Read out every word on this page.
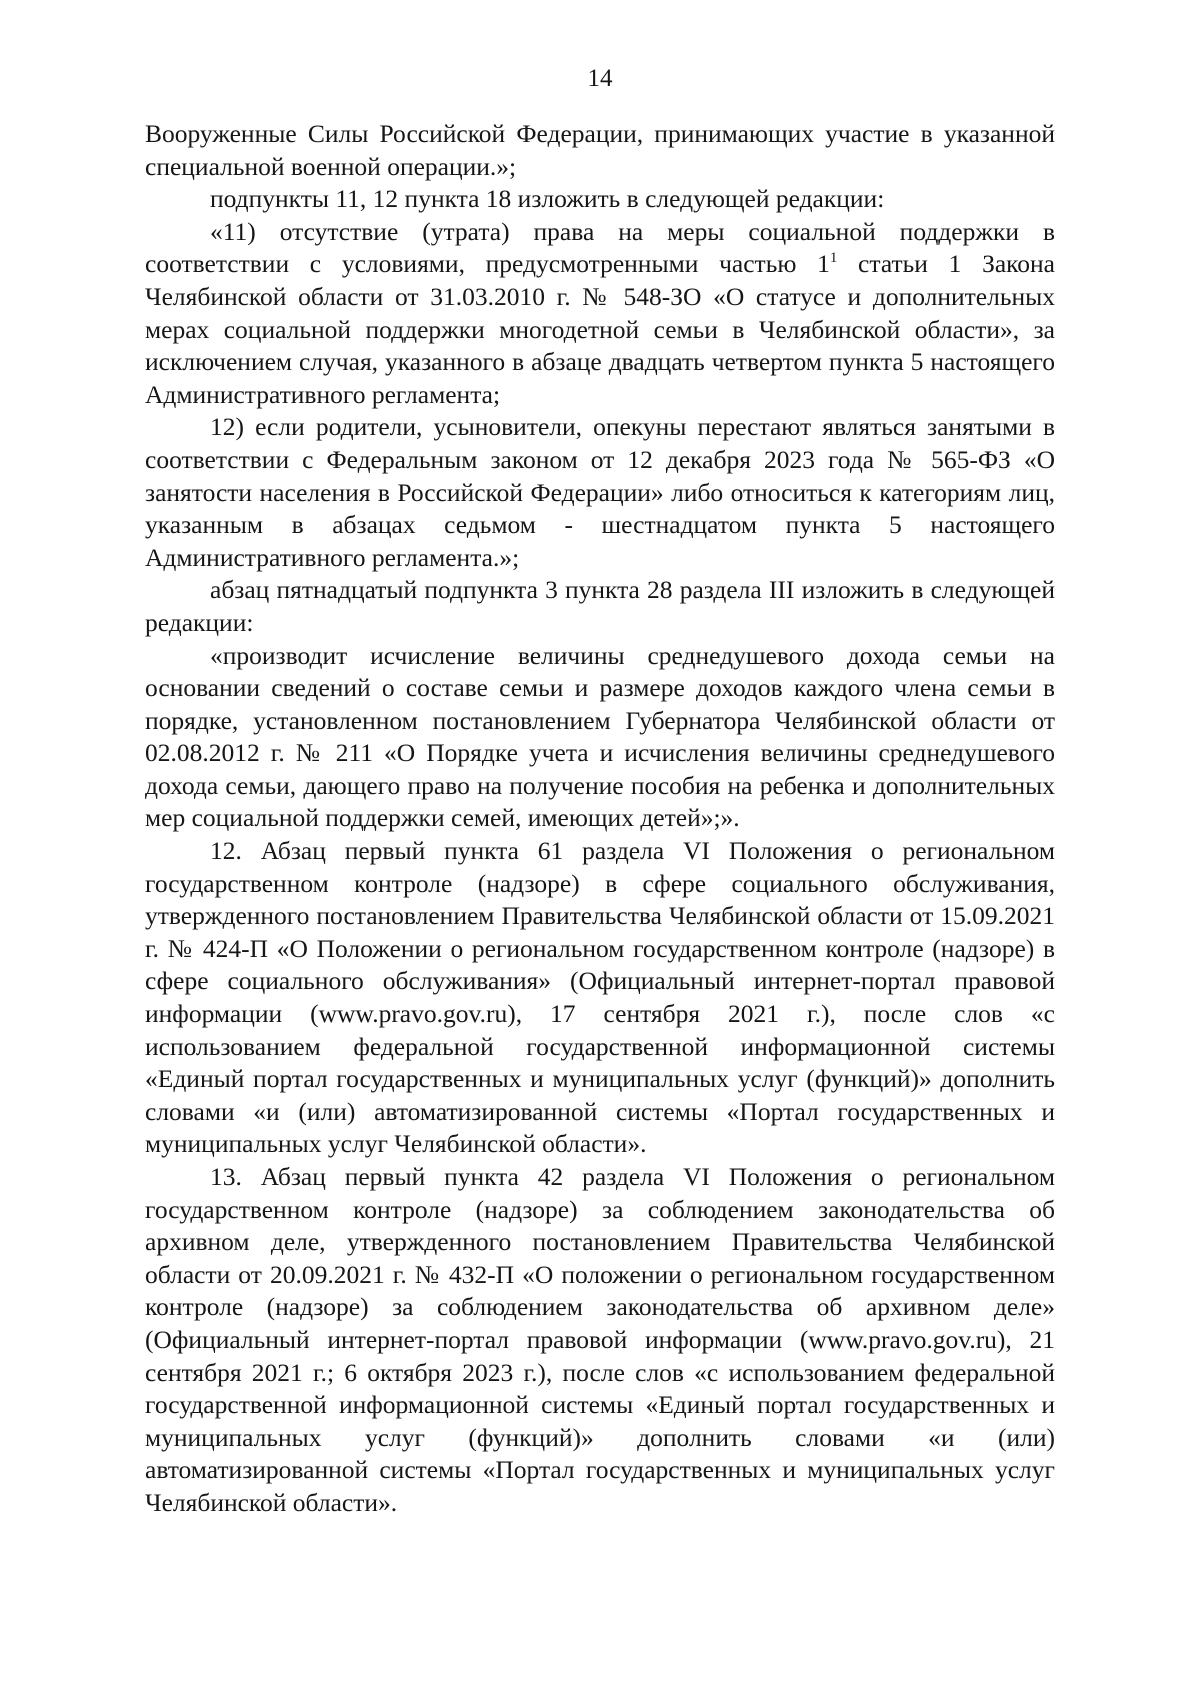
14

Вооруженные Силы Российской Федерации, принимающих участие в указанной специальной военной операции.»;

подпункты 11, 12 пункта 18 изложить в следующей редакции:

«11) отсутствие (утрата) права на меры социальной поддержки в соответствии с условиями, предусмотренными частью $1^1$ статьи 1 Закона Челябинской области от 31.03.2010 г. № 548-ЗО «О статусе и дополнительных мерах социальной поддержки многодетной семьи в Челябинской области», за исключением случая, указанного в абзаце двадцать четвертом пункта 5 настоящего Административного регламента;

12) если родители, усыновители, опекуны перестают являться занятыми в соответствии с Федеральным законом от 12 декабря 2023 года № 565-ФЗ «О занятости населения в Российской Федерации» либо относиться к категориям лиц, указанным в абзацах седьмом - шестнадцатом пункта 5 настоящего Административного регламента.»;

абзац пятнадцатый подпункта 3 пункта 28 раздела III изложить в следующей редакции:

«производит исчисление величины среднедушевого дохода семьи на основании сведений о составе семьи и размере доходов каждого члена семьи в порядке, установленном постановлением Губернатора Челябинской области от 02.08.2012 г. № 211 «О Порядке учета и исчисления величины среднедушевого дохода семьи, дающего право на получение пособия на ребенка и дополнительных мер социальной поддержки семей, имеющих детей»;».

12. Абзац первый пункта 61 раздела VI Положения о региональном государственном контроле (надзоре) в сфере социального обслуживания, утвержденного постановлением Правительства Челябинской области от 15.09.2021 г. № 424-П «О Положении о региональном государственном контроле (надзоре) в сфере социального обслуживания» (Официальный интернет-портал правовой информации (www.pravo.gov.ru), 17 сентября 2021 г.), после слов «с использованием федеральной государственной информационной системы «Единый портал государственных и муниципальных услуг (функций)» дополнить словами «и (или) автоматизированной системы «Портал государственных и муниципальных услуг Челябинской области».

13. Абзац первый пункта 42 раздела VI Положения о региональном государственном контроле (надзоре) за соблюдением законодательства об архивном деле, утвержденного постановлением Правительства Челябинской области от 20.09.2021 г. № 432-П «О положении о региональном государственном контроле (надзоре) за соблюдением законодательства об архивном деле» (Официальный интернет-портал правовой информации (www.pravo.gov.ru), 21 сентября 2021 г.; 6 октября 2023 г.), после слов «с использованием федеральной государственной информационной системы «Единый портал государственных и муниципальных услуг (функций)» дополнить словами «и (или) автоматизированной системы «Портал государственных и муниципальных услуг Челябинской области».
